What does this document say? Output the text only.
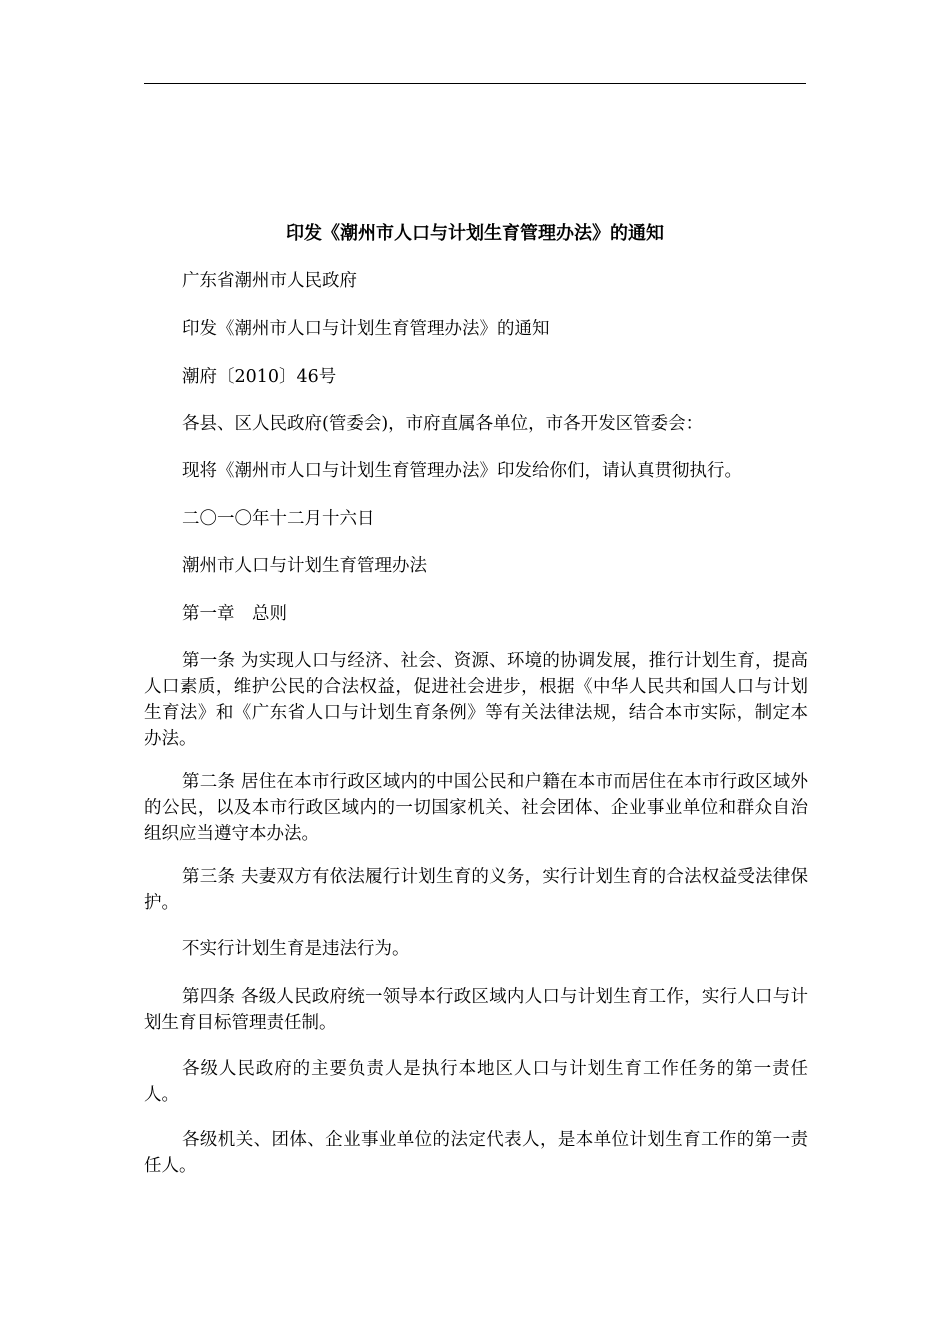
印发《潮州市人口与计划生育管理办法》的通知
广东省潮州市人民政府
印发《潮州市人口与计划生育管理办法》的通知
潮府〔2010〕46号
各县、区人民政府(管委会)，市府直属各单位，市各开发区管委会：
现将《潮州市人口与计划生育管理办法》印发给你们，请认真贯彻执行。
二〇一〇年十二月十六日
潮州市人口与计划生育管理办法
第一章　总则
第一条 为实现人口与经济、社会、资源、环境的协调发展，推行计划生育，提高人口素质，维护公民的合法权益，促进社会进步，根据《中华人民共和国人口与计划生育法》和《广东省人口与计划生育条例》等有关法律法规，结合本市实际，制定本办法。
第二条 居住在本市行政区域内的中国公民和户籍在本市而居住在本市行政区域外的公民，以及本市行政区域内的一切国家机关、社会团体、企业事业单位和群众自治组织应当遵守本办法。
第三条 夫妻双方有依法履行计划生育的义务，实行计划生育的合法权益受法律保护。
不实行计划生育是违法行为。
第四条 各级人民政府统一领导本行政区域内人口与计划生育工作，实行人口与计划生育目标管理责任制。
各级人民政府的主要负责人是执行本地区人口与计划生育工作任务的第一责任人。
各级机关、团体、企业事业单位的法定代表人，是本单位计划生育工作的第一责任人。
